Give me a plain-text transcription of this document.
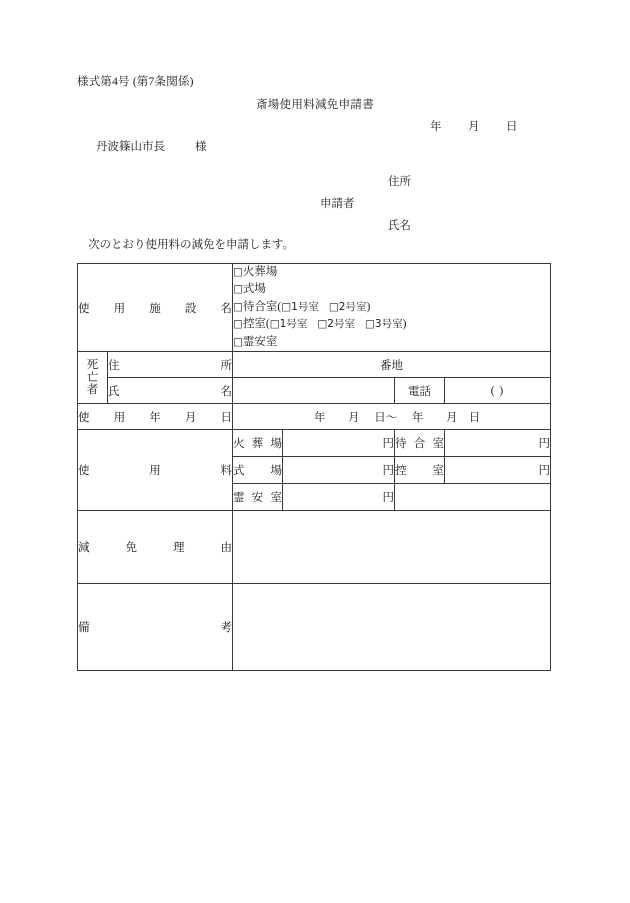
様式第4号 (第7条関係)
斎場使用料減免申請書
年 月 日
丹波篠山市長	様
住所
申請者
氏名
次のとおり使用料の減免を申請します。
使用施設名		□火葬場
□式場
□待合室(□1号室 □2号室)
□控室(□1号室 □2号室 □3号室)
□霊安室			

死
亡
者	住所	番地			
	氏名			電話	( )
使用年月日		年 月 日～ 年 月 日			
使用料		火葬場	円	待合室	円
		式場	円	控室	円
		霊安室	円		
減免理由					
備考					
